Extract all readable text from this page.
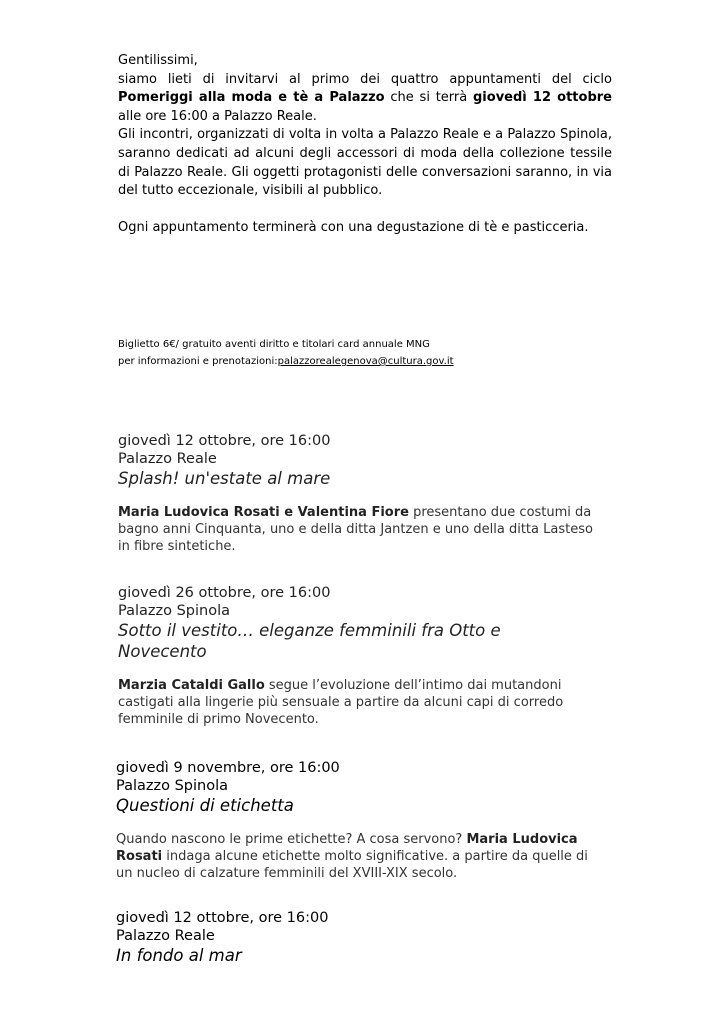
Gentilissimi,

siamo lieti di invitarvi al primo dei quattro appuntamenti del ciclo Pomeriggi alla moda e tè a Palazzo che si terrà giovedì 12 ottobre alle ore 16:00 a Palazzo Reale.

Gli incontri, organizzati di volta in volta a Palazzo Reale e a Palazzo Spinola, saranno dedicati ad alcuni degli accessori di moda della collezione tessile di Palazzo Reale. Gli oggetti protagonisti delle conversazioni saranno, in via del tutto eccezionale, visibili al pubblico.

Ogni appuntamento terminerà con una degustazione di tè e pasticceria.

Biglietto 6€/ gratuito aventi diritto e titolari card annuale MNG
per informazioni e prenotazioni:palazzorealegenova@cultura.gov.it
giovedì 12 ottobre, ore 16:00
Palazzo Reale
Splash! un'estate al mare
Maria Ludovica Rosati e Valentina Fiore presentano due costumi da bagno anni Cinquanta, uno e della ditta Jantzen e uno della ditta Lasteso in fibre sintetiche.
giovedì 26 ottobre, ore 16:00
Palazzo Spinola
Sotto il vestito… eleganze femminili fra Otto e Novecento
Marzia Cataldi Gallo segue l’evoluzione dell’intimo dai mutandoni castigati alla lingerie più sensuale a partire da alcuni capi di corredo femminile di primo Novecento.
giovedì 9 novembre, ore 16:00
Palazzo Spinola
Questioni di etichetta
Quando nascono le prime etichette? A cosa servono? Maria Ludovica Rosati indaga alcune etichette molto significative. a partire da quelle di un nucleo di calzature femminili del XVIII-XIX secolo.
giovedì 12 ottobre, ore 16:00
Palazzo Reale
In fondo al mar
